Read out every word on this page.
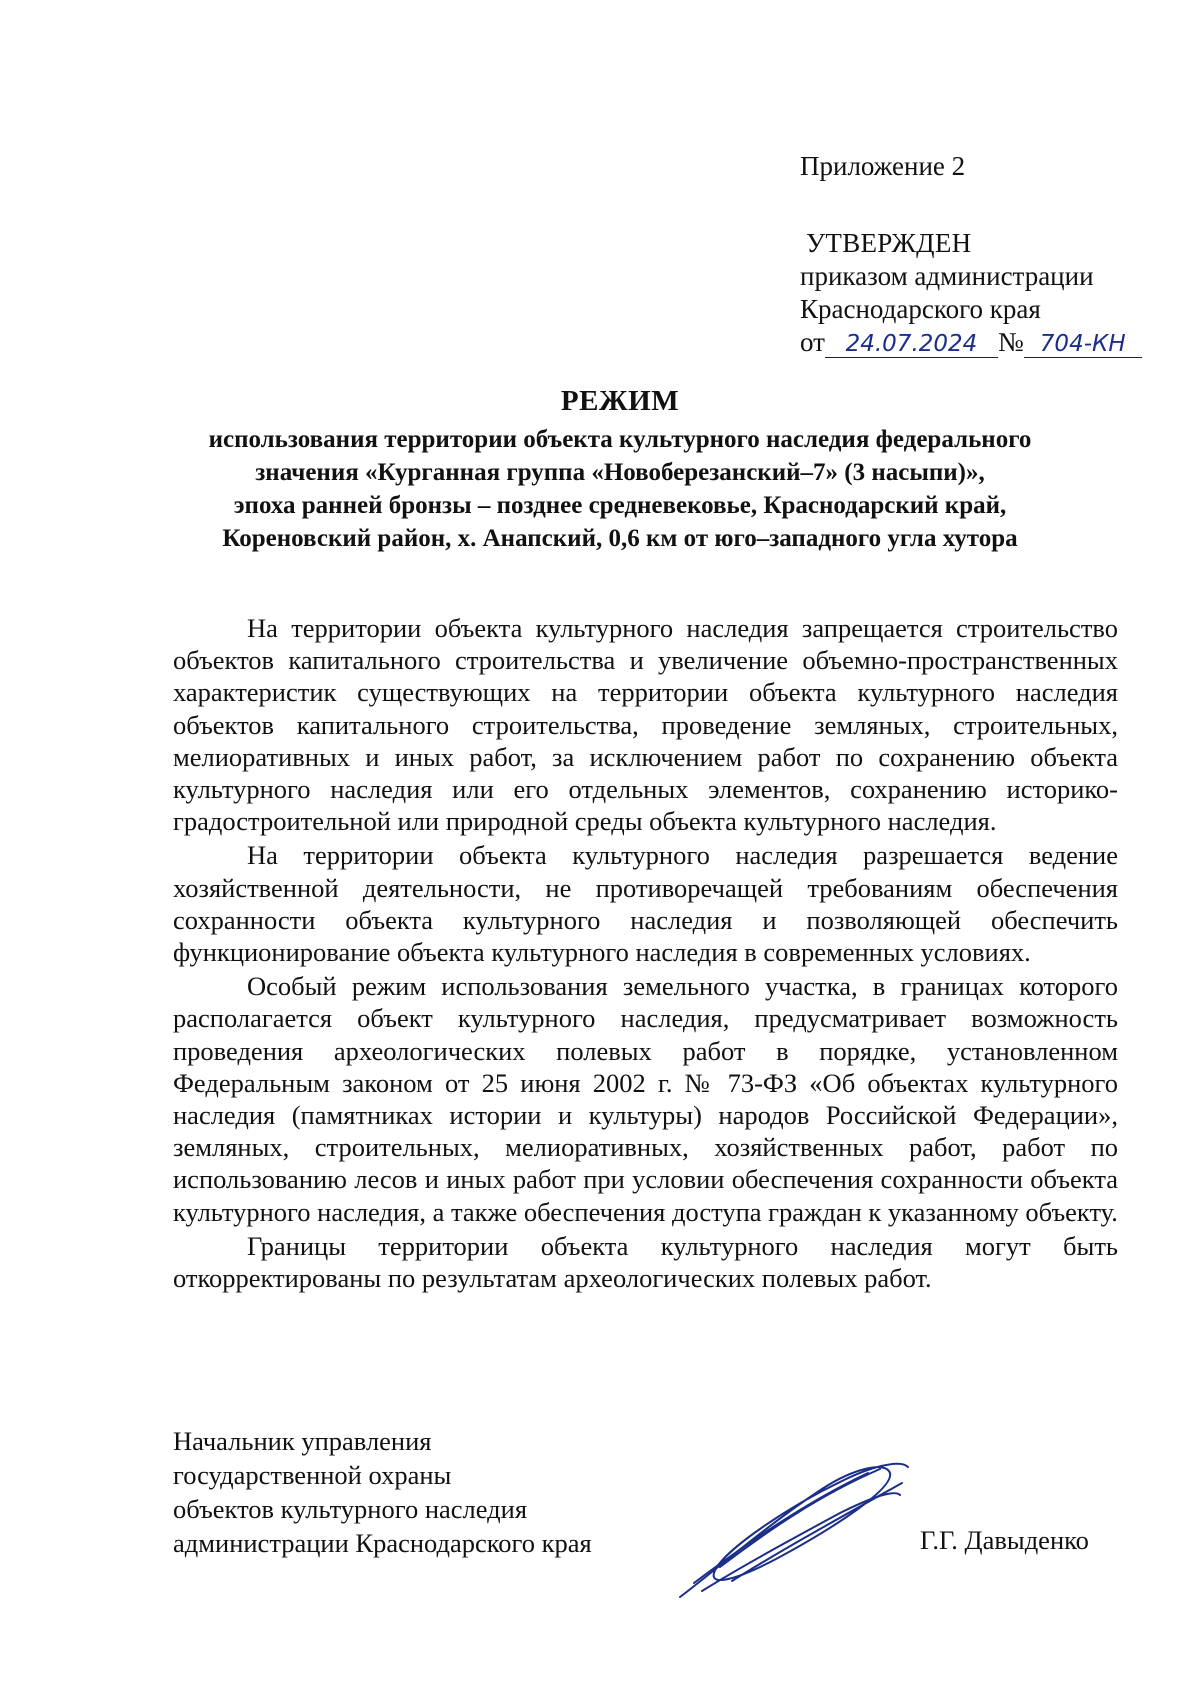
Приложение 2
УТВЕРЖДЕН
приказом администрации
Краснодарского края
от 24.07.2024 № 704-КН
РЕЖИМ
использования территории объекта культурного наследия федерального
значения «Курганная группа «Новоберезанский–7» (3 насыпи)»,
эпоха ранней бронзы – позднее средневековье, Краснодарский край,
Кореновский район, х. Анапский, 0,6 км от юго–западного угла хутора

На территории объекта культурного наследия запрещается строительство объектов капитального строительства и увеличение объемно-пространственных характеристик существующих на территории объекта культурного наследия объектов капитального строительства, проведение земляных, строительных, мелиоративных и иных работ, за исключением работ по сохранению объекта культурного наследия или его отдельных элементов, сохранению историко-градостроительной или природной среды объекта культурного наследия.

На территории объекта культурного наследия разрешается ведение хозяйственной деятельности, не противоречащей требованиям обеспечения сохранности объекта культурного наследия и позволяющей обеспечить функционирование объекта культурного наследия в современных условиях.

Особый режим использования земельного участка, в границах которого располагается объект культурного наследия, предусматривает возможность проведения археологических полевых работ в порядке, установленном Федеральным законом от 25 июня 2002 г. № 73-ФЗ «Об объектах культурного наследия (памятниках истории и культуры) народов Российской Федерации», земляных, строительных, мелиоративных, хозяйственных работ, работ по использованию лесов и иных работ при условии обеспечения сохранности объекта культурного наследия, а также обеспечения доступа граждан к указанному объекту.

Границы территории объекта культурного наследия могут быть откорректированы по результатам археологических полевых работ.

Начальник управления
государственной охраны
объектов культурного наследия
администрации Краснодарского края	Г.Г. Давыденко
